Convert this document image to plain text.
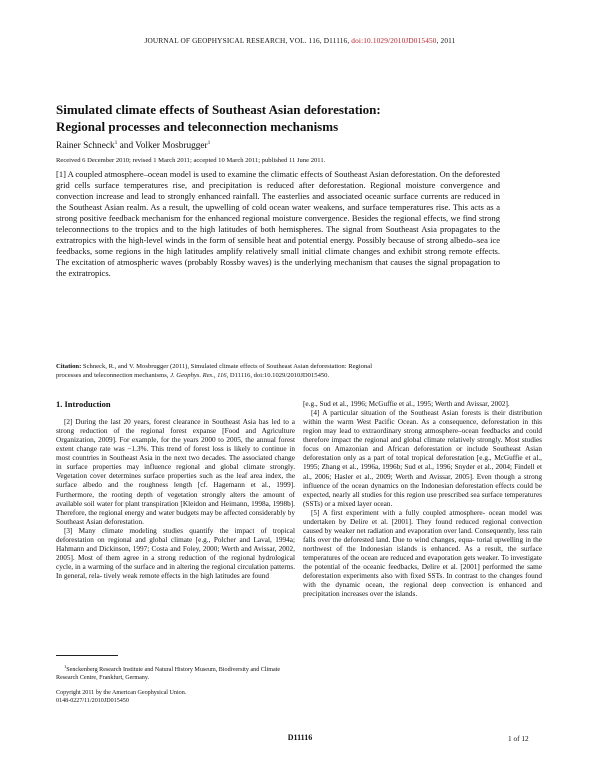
JOURNAL OF GEOPHYSICAL RESEARCH, VOL. 116, D11116, doi:10.1029/2010JD015450, 2011
Simulated climate effects of Southeast Asian deforestation:
Regional processes and teleconnection mechanisms
Rainer Schneck$^1$ and Volker Mosbrugger$^1$
Received 6 December 2010; revised 1 March 2011; accepted 10 March 2011; published 11 June 2011.
[1] A coupled atmosphere–ocean model is used to examine the climatic effects of Southeast Asian deforestation. On the deforested grid cells surface temperatures rise, and precipitation is reduced after deforestation. Regional moisture convergence and convection increase and lead to strongly enhanced rainfall. The easterlies and associated oceanic surface currents are reduced in the Southeast Asian realm. As a result, the upwelling of cold ocean water weakens, and surface temperatures rise. This acts as a strong positive feedback mechanism for the enhanced regional moisture convergence. Besides the regional effects, we find strong teleconnections to the tropics and to the high latitudes of both hemispheres. The signal from Southeast Asia propagates to the extratropics with the high-level winds in the form of sensible heat and potential energy. Possibly because of strong albedo–sea ice feedbacks, some regions in the high latitudes amplify relatively small initial climate changes and exhibit strong remote effects. The excitation of atmospheric waves (probably Rossby waves) is the underlying mechanism that causes the signal propagation to the extratropics.
Citation: Schneck, R., and V. Mosbrugger (2011), Simulated climate effects of Southeast Asian deforestation: Regional
processes and teleconnection mechanisms, J. Geophys. Res., 116, D11116, doi:10.1029/2010JD015450.
1. Introduction

[2] During the last 20 years, forest clearance in Southeast Asia has led to a strong reduction of the regional forest expanse [Food and Agriculture Organization, 2009]. For example, for the years 2000 to 2005, the annual forest extent change rate was −1.3%. This trend of forest loss is likely to continue in most countries in Southeast Asia in the next two decades. The associated change in surface properties may influence regional and global climate strongly. Vegetation cover determines surface properties such as the leaf area index, the surface albedo and the roughness length [cf. Hagemann et al., 1999]. Furthermore, the rooting depth of vegetation strongly alters the amount of available soil water for plant transpiration [Kleidon and Heimann, 1998a, 1998b]. Therefore, the regional energy and water budgets may be affected considerably by Southeast Asian deforestation.

[3] Many climate modeling studies quantify the impact of tropical deforestation on regional and global climate [e.g., Polcher and Laval, 1994a; Hahmann and Dickinson, 1997; Costa and Foley, 2000; Werth and Avissar, 2002, 2005]. Most of them agree in a strong reduction of the regional hydrological cycle, in a warming of the surface and in altering the regional circulation patterns. In general, rela- tively weak remote effects in the high latitudes are found

[e.g., Sud et al., 1996; McGuffie et al., 1995; Werth and Avissar, 2002].

[4] A particular situation of the Southeast Asian forests is their distribution within the warm West Pacific Ocean. As a consequence, deforestation in this region may lead to extraordinary strong atmosphere–ocean feedbacks and could therefore impact the regional and global climate relatively strongly. Most studies focus on Amazonian and African deforestation or include Southeast Asian deforestation only as a part of total tropical deforestation [e.g., McGuffie et al., 1995; Zhang et al., 1996a, 1996b; Sud et al., 1996; Snyder et al., 2004; Findell et al., 2006; Hasler et al., 2009; Werth and Avissar, 2005]. Even though a strong influence of the ocean dynamics on the Indonesian deforestation effects could be expected, nearly all studies for this region use prescribed sea surface temperatures (SSTs) or a mixed layer ocean.

[5] A first experiment with a fully coupled atmosphere- ocean model was undertaken by Delire et al. [2001]. They found reduced regional convection caused by weaker net radiation and evaporation over land. Consequently, less rain falls over the deforested land. Due to wind changes, equa- torial upwelling in the northwest of the Indonesian islands is enhanced. As a result, the surface temperatures of the ocean are reduced and evaporation gets weaker. To investigate the potential of the oceanic feedbacks, Delire et al. [2001] performed the same deforestation experiments also with fixed SSTs. In contrast to the changes found with the dynamic ocean, the regional deep convection is enhanced and precipitation increases over the islands.

$^1$Senckenberg Research Institute and Natural History Museum, Biodiversity and Climate Research Centre, Frankfurt, Germany.

Copyright 2011 by the American Geophysical Union.
0148-0227/11/2010JD015450

D11116	1 of 12
